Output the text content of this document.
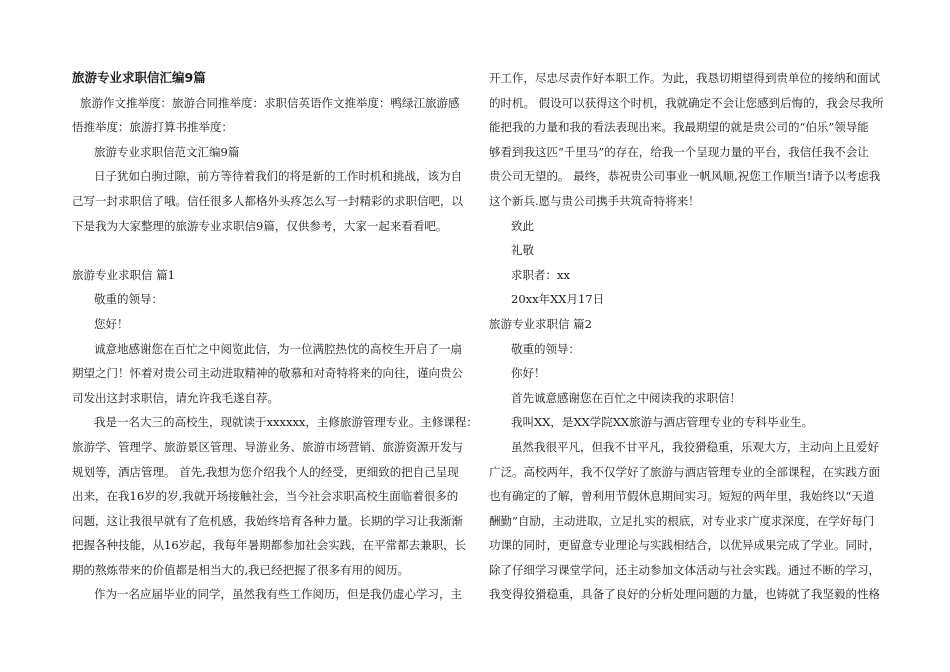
旅游专业求职信汇编9篇
旅游作文推举度：旅游合同推举度：求职信英语作文推举度：鸭绿江旅游感
悟推举度：旅游打算书推举度：
旅游专业求职信范文汇编9篇
日子犹如白驹过隙，前方等待着我们的将是新的工作时机和挑战，该为自
己写一封求职信了哦。信任很多人都格外头疼怎么写一封精彩的求职信吧，以
下是我为大家整理的旅游专业求职信9篇，仅供参考，大家一起来看看吧。
旅游专业求职信 篇1
敬重的领导：
您好！
诚意地感谢您在百忙之中阅览此信，为一位满腔热忱的高校生开启了一扇
期望之门！怀着对贵公司主动进取精神的敬慕和对奇特将来的向往，谨向贵公
司发出这封求职信，请允许我毛遂自荐。
我是一名大三的高校生，现就读于xxxxxx，主修旅游管理专业。主修课程：
旅游学、管理学、旅游景区管理、导游业务、旅游市场营销、旅游资源开发与
规划等，酒店管理。 首先,我想为您介绍我个人的经受，更细致的把自己呈现
出来，在我16岁的岁,我就开场接触社会，当今社会求职高校生面临着很多的
问题，这让我很早就有了危机感，我始终培育各种力量。长期的学习让我渐渐
把握各种技能，从16岁起，我每年暑期都参加社会实践，在平常都去兼职，长
期的熬炼带来的价值都是相当大的,我已经把握了很多有用的阅历。
作为一名应届毕业的同学，虽然我有些工作阅历，但是我仍虚心学习，主
开工作，尽忠尽责作好本职工作。为此，我恳切期望得到贵单位的接纳和面试
的时机。 假设可以获得这个时机，我就确定不会让您感到后悔的，我会尽我所
能把我的力量和我的看法表现出来。我最期望的就是贵公司的“伯乐”领导能
够看到我这匹“千里马”的存在，给我一个呈现力量的平台，我信任我不会让
贵公司无望的。 最终，恭祝贵公司事业一帆风顺,祝您工作顺当!请予以考虑我
这个新兵.愿与贵公司携手共筑奇特将来！
致此
礼敬
求职者：xx
20xx年XX月17日
旅游专业求职信 篇2
敬重的领导：
你好！
首先诚意感谢您在百忙之中阅读我的求职信！
我叫XX，是XX学院XX旅游与酒店管理专业的专科毕业生。
虽然我很平凡，但我不甘平凡，我狡猾稳重，乐观大方，主动向上且爱好
广泛。高校两年，我不仅学好了旅游与酒店管理专业的全部课程，在实践方面
也有确定的了解，曾利用节假休息期间实习。短短的两年里，我始终以“天道
酬勤”自励，主动进取，立足扎实的根底，对专业求广度求深度，在学好每门
功课的同时，更留意专业理论与实践相结合，以优异成果完成了学业。同时，
除了仔细学习课堂学问，还主动参加文体活动与社会实践。通过不断的学习，
我变得狡猾稳重，具备了良好的分析处理问题的力量，也铸就了我坚毅的性格
